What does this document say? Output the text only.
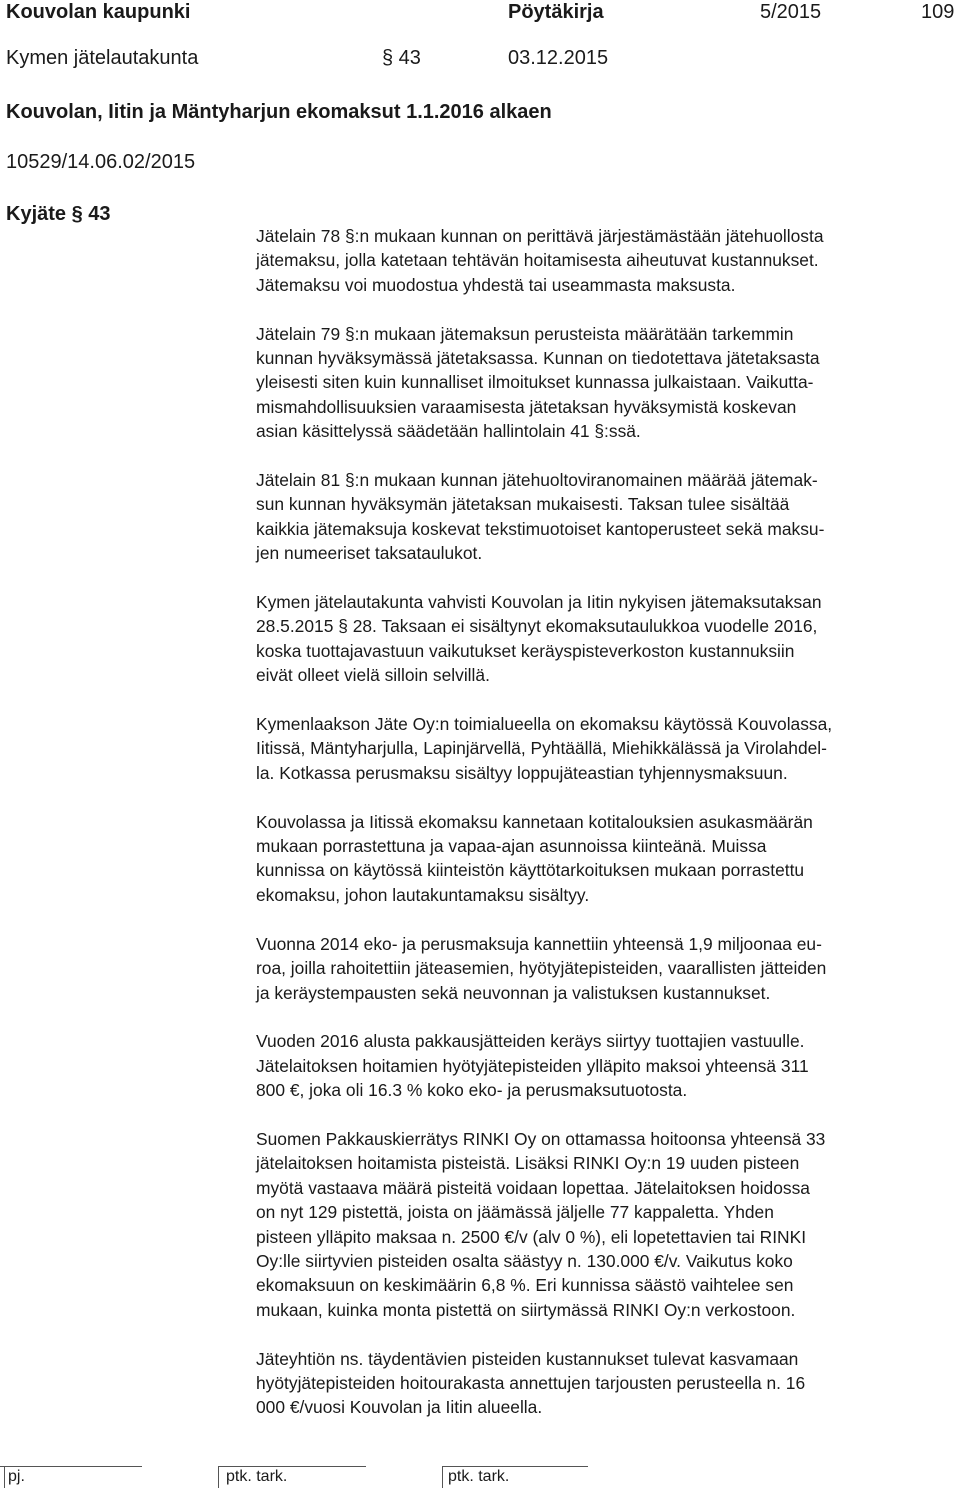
Kouvolan kaupunki	Pöytäkirja	5/2015	109
Kymen jätelautakunta	§ 43	03.12.2015
Kouvolan, Iitin ja Mäntyharjun ekomaksut 1.1.2016 alkaen
10529/14.06.02/2015
Kyjäte § 43

Jätelain 78 §:n mukaan kunnan on perittävä järjestämästään jätehuollosta
jätemaksu, jolla katetaan tehtävän hoitamisesta aiheutuvat kustannukset.
Jätemaksu voi muodostua yhdestä tai useammasta maksusta.

Jätelain 79 §:n mukaan jätemaksun perusteista määrätään tarkemmin
kunnan hyväksymässä jätetaksassa. Kunnan on tiedotettava jätetaksasta
yleisesti siten kuin kunnalliset ilmoitukset kunnassa julkaistaan. Vaikutta-
mismahdollisuuksien varaamisesta jätetaksan hyväksymistä koskevan
asian käsittelyssä säädetään hallintolain 41 §:ssä.

Jätelain 81 §:n mukaan kunnan jätehuoltoviranomainen määrää jätemak-
sun kunnan hyväksymän jätetaksan mukaisesti. Taksan tulee sisältää
kaikkia jätemaksuja koskevat tekstimuotoiset kantoperusteet sekä maksu-
jen numeeriset taksataulukot.

Kymen jätelautakunta vahvisti Kouvolan ja Iitin nykyisen jätemaksutaksan
28.5.2015 § 28. Taksaan ei sisältynyt ekomaksutaulukkoa vuodelle 2016,
koska tuottajavastuun vaikutukset keräyspisteverkoston kustannuksiin
eivät olleet vielä silloin selvillä.

Kymenlaakson Jäte Oy:n toimialueella on ekomaksu käytössä Kouvolassa,
Iitissä, Mäntyharjulla, Lapinjärvellä, Pyhtäällä, Miehikkälässä ja Virolahdel-
la. Kotkassa perusmaksu sisältyy loppujäteastian tyhjennysmaksuun.

Kouvolassa ja Iitissä ekomaksu kannetaan kotitalouksien asukasmäärän
mukaan porrastettuna ja vapaa-ajan asunnoissa kiinteänä. Muissa
kunnissa on käytössä kiinteistön käyttötarkoituksen mukaan porrastettu
ekomaksu, johon lautakuntamaksu sisältyy.

Vuonna 2014 eko- ja perusmaksuja kannettiin yhteensä 1,9 miljoonaa eu-
roa, joilla rahoitettiin jäteasemien, hyötyjätepisteiden, vaarallisten jätteiden
ja keräystempausten sekä neuvonnan ja valistuksen kustannukset.

Vuoden 2016 alusta pakkausjätteiden keräys siirtyy tuottajien vastuulle.
Jätelaitoksen hoitamien hyötyjätepisteiden ylläpito maksoi yhteensä 311
800 €, joka oli 16.3 % koko eko- ja perusmaksutuotosta.

Suomen Pakkauskierrätys RINKI Oy on ottamassa hoitoonsa yhteensä 33
jätelaitoksen hoitamista pisteistä. Lisäksi RINKI Oy:n 19 uuden pisteen
myötä vastaava määrä pisteitä voidaan lopettaa. Jätelaitoksen hoidossa
on nyt 129 pistettä, joista on jäämässä jäljelle 77 kappaletta. Yhden
pisteen ylläpito maksaa n. 2500 €/v (alv 0 %), eli lopetettavien tai RINKI
Oy:lle siirtyvien pisteiden osalta säästyy n. 130.000 €/v. Vaikutus koko
ekomaksuun on keskimäärin 6,8 %. Eri kunnissa säästö vaihtelee sen
mukaan, kuinka monta pistettä on siirtymässä RINKI Oy:n verkostoon.

Jäteyhtiön ns. täydentävien pisteiden kustannukset tulevat kasvamaan
hyötyjätepisteiden hoitourakasta annettujen tarjousten perusteella n. 16
000 €/vuosi Kouvolan ja Iitin alueella.

pj.	ptk. tark.	ptk. tark.
